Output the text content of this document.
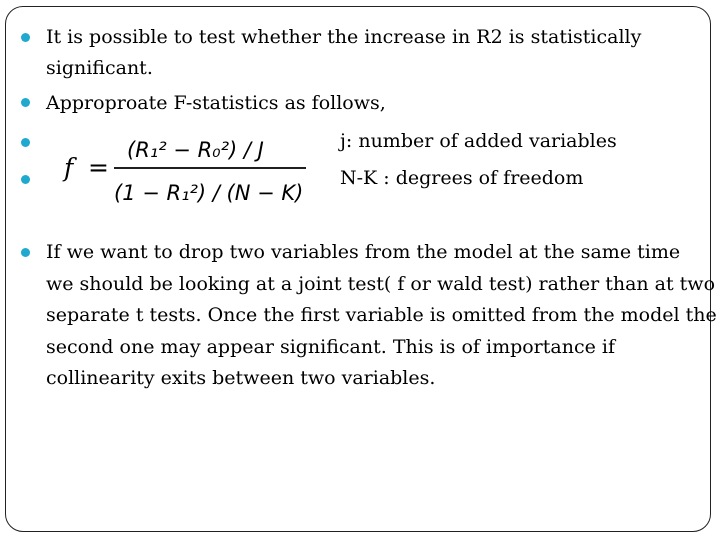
It is possible to test whether the increase in R2 is statistically
significant.
Approproate F-statistics as follows,
f =
(R₁² − R₀²) / J
(1 − R₁²) / (N − K)
j: number of added variables
N-K : degrees of freedom
If we want to drop two variables from the model at the same time
we should be looking at a joint test( f or wald test) rather than at two
separate t tests. Once the first variable is omitted from the model the
second one may appear significant. This is of importance if
collinearity exits between two variables.
